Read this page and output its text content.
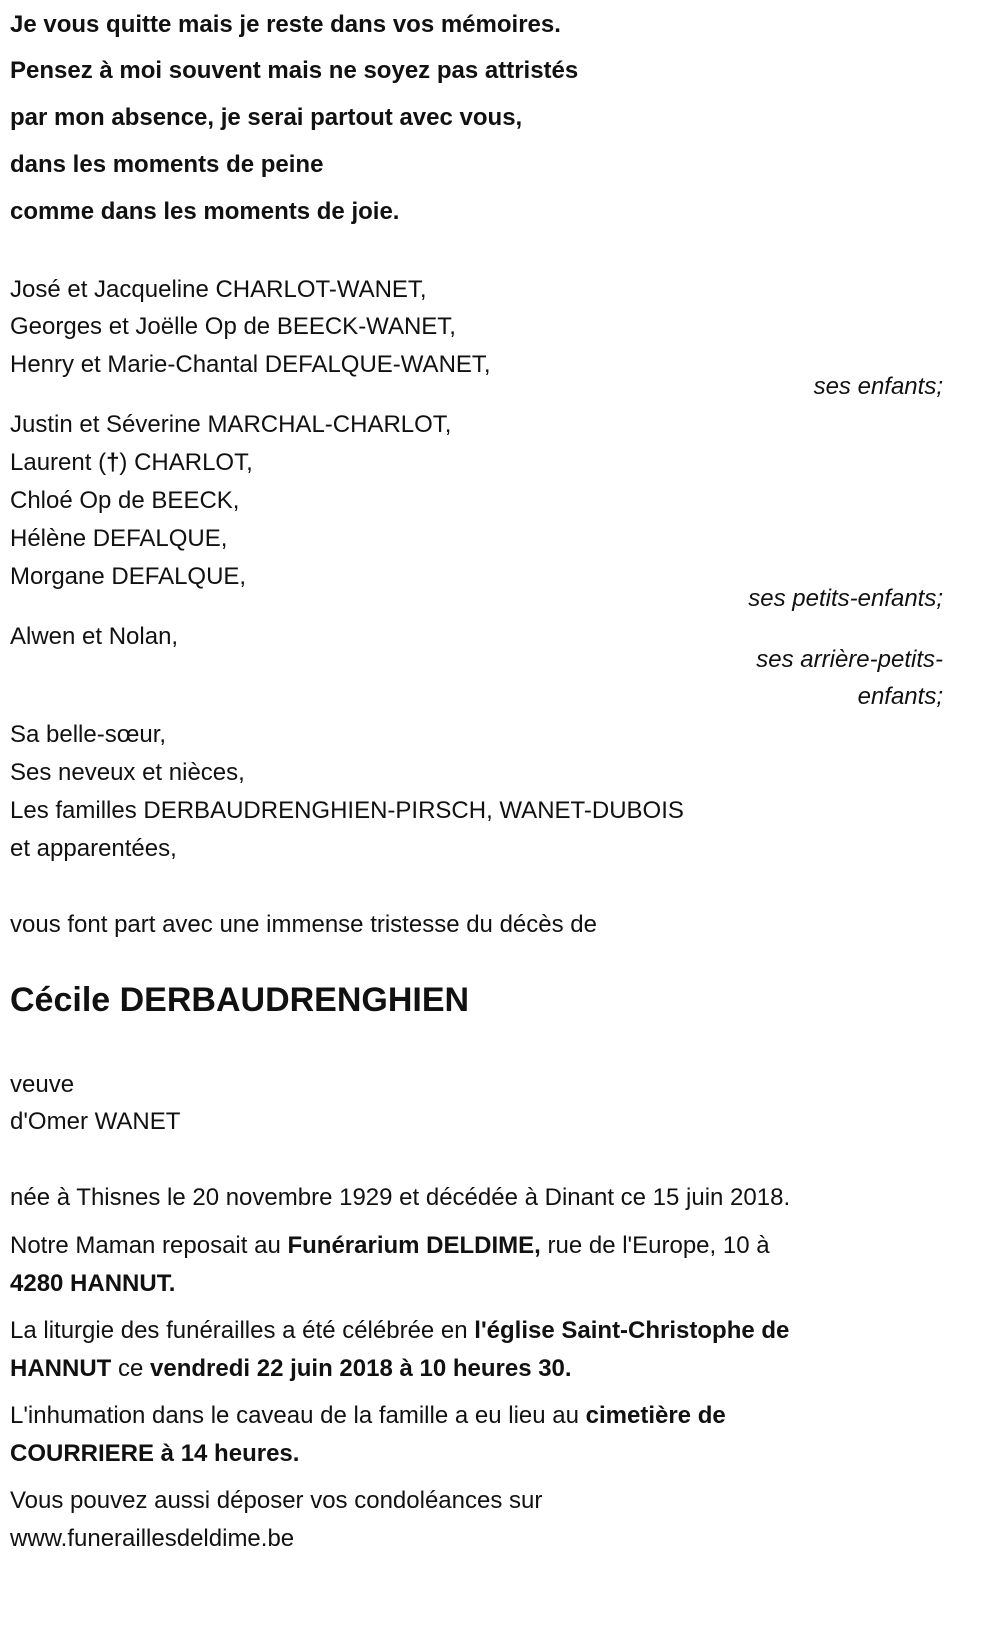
Je vous quitte mais je reste dans vos mémoires.
Pensez à moi souvent mais ne soyez pas attristés
par mon absence, je serai partout avec vous,
dans les moments de peine
comme dans les moments de joie.
José et Jacqueline CHARLOT-WANET,
Georges et Joëlle Op de BEECK-WANET,
Henry et Marie-Chantal DEFALQUE-WANET,
ses enfants;
Justin et Séverine MARCHAL-CHARLOT,
Laurent (†) CHARLOT,
Chloé Op de BEECK,
Hélène DEFALQUE,
Morgane DEFALQUE,
ses petits-enfants;
Alwen et Nolan,
ses arrière-petits-
enfants;
Sa belle-sœur,
Ses neveux et nièces,
Les familles DERBAUDRENGHIEN-PIRSCH, WANET-DUBOIS
et apparentées,
vous font part avec une immense tristesse du décès de
Cécile DERBAUDRENGHIEN
veuve
d'Omer WANET
née à Thisnes le 20 novembre 1929 et décédée à Dinant ce 15 juin 2018.
Notre Maman reposait au Funérarium DELDIME, rue de l'Europe, 10 à
4280 HANNUT.
La liturgie des funérailles a été célébrée en l'église Saint-Christophe de
HANNUT ce vendredi 22 juin 2018 à 10 heures 30.
L'inhumation dans le caveau de la famille a eu lieu au cimetière de
COURRIERE à 14 heures.
Vous pouvez aussi déposer vos condoléances sur
www.funeraillesdeldime.be
